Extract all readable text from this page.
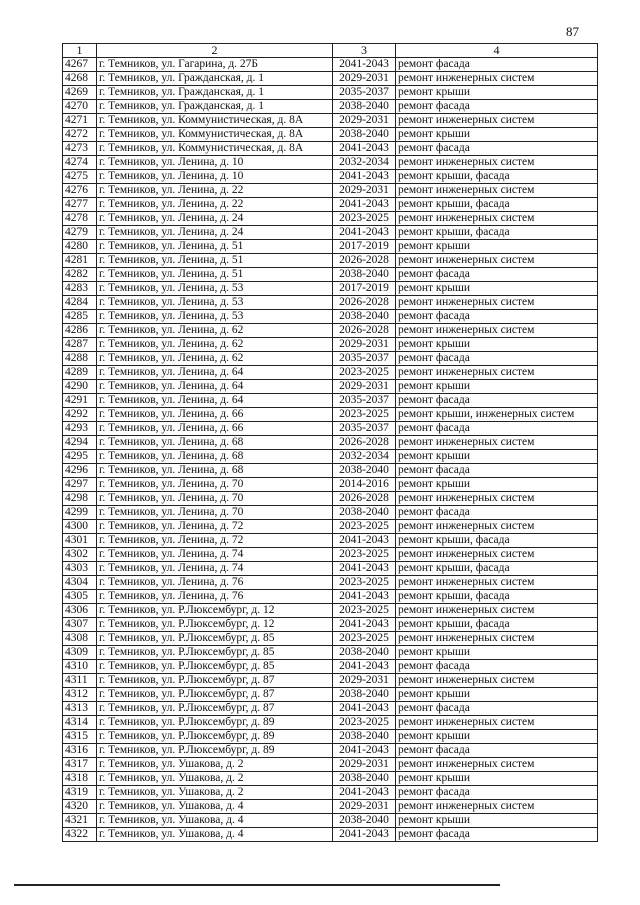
87
1	2	3	4
4267	г. Темников, ул. Гагарина, д. 27Б	2041-2043	ремонт фасада
4268	г. Темников, ул. Гражданская, д. 1	2029-2031	ремонт инженерных систем
4269	г. Темников, ул. Гражданская, д. 1	2035-2037	ремонт крыши
4270	г. Темников, ул. Гражданская, д. 1	2038-2040	ремонт фасада
4271	г. Темников, ул. Коммунистическая, д. 8А	2029-2031	ремонт инженерных систем
4272	г. Темников, ул. Коммунистическая, д. 8А	2038-2040	ремонт крыши
4273	г. Темников, ул. Коммунистическая, д. 8А	2041-2043	ремонт фасада
4274	г. Темников, ул. Ленина, д. 10	2032-2034	ремонт инженерных систем
4275	г. Темников, ул. Ленина, д. 10	2041-2043	ремонт крыши, фасада
4276	г. Темников, ул. Ленина, д. 22	2029-2031	ремонт инженерных систем
4277	г. Темников, ул. Ленина, д. 22	2041-2043	ремонт крыши, фасада
4278	г. Темников, ул. Ленина, д. 24	2023-2025	ремонт инженерных систем
4279	г. Темников, ул. Ленина, д. 24	2041-2043	ремонт крыши, фасада
4280	г. Темников, ул. Ленина, д. 51	2017-2019	ремонт крыши
4281	г. Темников, ул. Ленина, д. 51	2026-2028	ремонт инженерных систем
4282	г. Темников, ул. Ленина, д. 51	2038-2040	ремонт фасада
4283	г. Темников, ул. Ленина, д. 53	2017-2019	ремонт крыши
4284	г. Темников, ул. Ленина, д. 53	2026-2028	ремонт инженерных систем
4285	г. Темников, ул. Ленина, д. 53	2038-2040	ремонт фасада
4286	г. Темников, ул. Ленина, д. 62	2026-2028	ремонт инженерных систем
4287	г. Темников, ул. Ленина, д. 62	2029-2031	ремонт крыши
4288	г. Темников, ул. Ленина, д. 62	2035-2037	ремонт фасада
4289	г. Темников, ул. Ленина, д. 64	2023-2025	ремонт инженерных систем
4290	г. Темников, ул. Ленина, д. 64	2029-2031	ремонт крыши
4291	г. Темников, ул. Ленина, д. 64	2035-2037	ремонт фасада
4292	г. Темников, ул. Ленина, д. 66	2023-2025	ремонт крыши, инженерных систем
4293	г. Темников, ул. Ленина, д. 66	2035-2037	ремонт фасада
4294	г. Темников, ул. Ленина, д. 68	2026-2028	ремонт инженерных систем
4295	г. Темников, ул. Ленина, д. 68	2032-2034	ремонт крыши
4296	г. Темников, ул. Ленина, д. 68	2038-2040	ремонт фасада
4297	г. Темников, ул. Ленина, д. 70	2014-2016	ремонт крыши
4298	г. Темников, ул. Ленина, д. 70	2026-2028	ремонт инженерных систем
4299	г. Темников, ул. Ленина, д. 70	2038-2040	ремонт фасада
4300	г. Темников, ул. Ленина, д. 72	2023-2025	ремонт инженерных систем
4301	г. Темников, ул. Ленина, д. 72	2041-2043	ремонт крыши, фасада
4302	г. Темников, ул. Ленина, д. 74	2023-2025	ремонт инженерных систем
4303	г. Темников, ул. Ленина, д. 74	2041-2043	ремонт крыши, фасада
4304	г. Темников, ул. Ленина, д. 76	2023-2025	ремонт инженерных систем
4305	г. Темников, ул. Ленина, д. 76	2041-2043	ремонт крыши, фасада
4306	г. Темников, ул. Р.Люксембург, д. 12	2023-2025	ремонт инженерных систем
4307	г. Темников, ул. Р.Люксембург, д. 12	2041-2043	ремонт крыши, фасада
4308	г. Темников, ул. Р.Люксембург, д. 85	2023-2025	ремонт инженерных систем
4309	г. Темников, ул. Р.Люксембург, д. 85	2038-2040	ремонт крыши
4310	г. Темников, ул. Р.Люксембург, д. 85	2041-2043	ремонт фасада
4311	г. Темников, ул. Р.Люксембург, д. 87	2029-2031	ремонт инженерных систем
4312	г. Темников, ул. Р.Люксембург, д. 87	2038-2040	ремонт крыши
4313	г. Темников, ул. Р.Люксембург, д. 87	2041-2043	ремонт фасада
4314	г. Темников, ул. Р.Люксембург, д. 89	2023-2025	ремонт инженерных систем
4315	г. Темников, ул. Р.Люксембург, д. 89	2038-2040	ремонт крыши
4316	г. Темников, ул. Р.Люксембург, д. 89	2041-2043	ремонт фасада
4317	г. Темников, ул. Ушакова, д. 2	2029-2031	ремонт инженерных систем
4318	г. Темников, ул. Ушакова, д. 2	2038-2040	ремонт крыши
4319	г. Темников, ул. Ушакова, д. 2	2041-2043	ремонт фасада
4320	г. Темников, ул. Ушакова, д. 4	2029-2031	ремонт инженерных систем
4321	г. Темников, ул. Ушакова, д. 4	2038-2040	ремонт крыши
4322	г. Темников, ул. Ушакова, д. 4	2041-2043	ремонт фасада
